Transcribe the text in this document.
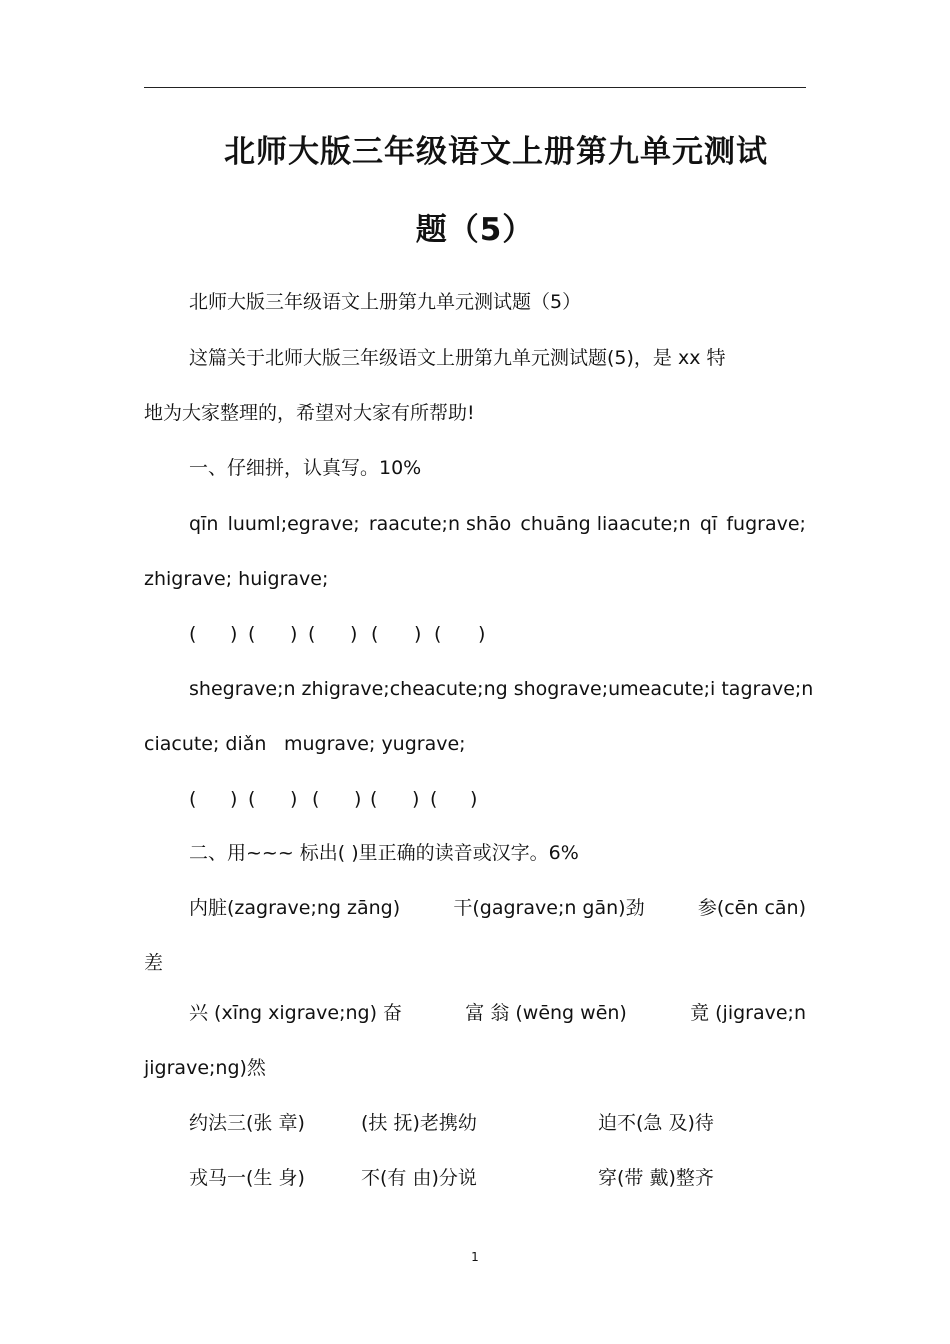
北师大版三年级语文上册第九单元测试
题（5）
北师大版三年级语文上册第九单元测试题（5）
这篇关于北师大版三年级语文上册第九单元测试题(5)，是 xx 特
地为大家整理的，希望对大家有所帮助!
一、仔细拼，认真写。10%
qīn luuml;egrave; raacute;n shāo chuāng liaacute;n qī fugrave;
zhigrave; huigrave;
( ) ( ) ( ) ( ) ( )
shegrave;n zhigrave; cheacute;ng shograve;u meacute;i tagrave;n
ciacute; diǎn mugrave; yugrave;
( ) ( ) ( ) ( ) ( )
二、用~~~ 标出( )里正确的读音或汉字。6%
内脏(zagrave;ng zāng)	干(gagrave;n gān)劲	参(cēn cān)
差
兴 (xīng xigrave;ng) 奋	富 翁 (wēng wēn)	竟 (jigrave;n
jigrave;ng)然
约法三(张 章)	(扶 抚)老携幼	迫不(急 及)待
戎马一(生 身)	不(有 由)分说	穿(带 戴)整齐
1
